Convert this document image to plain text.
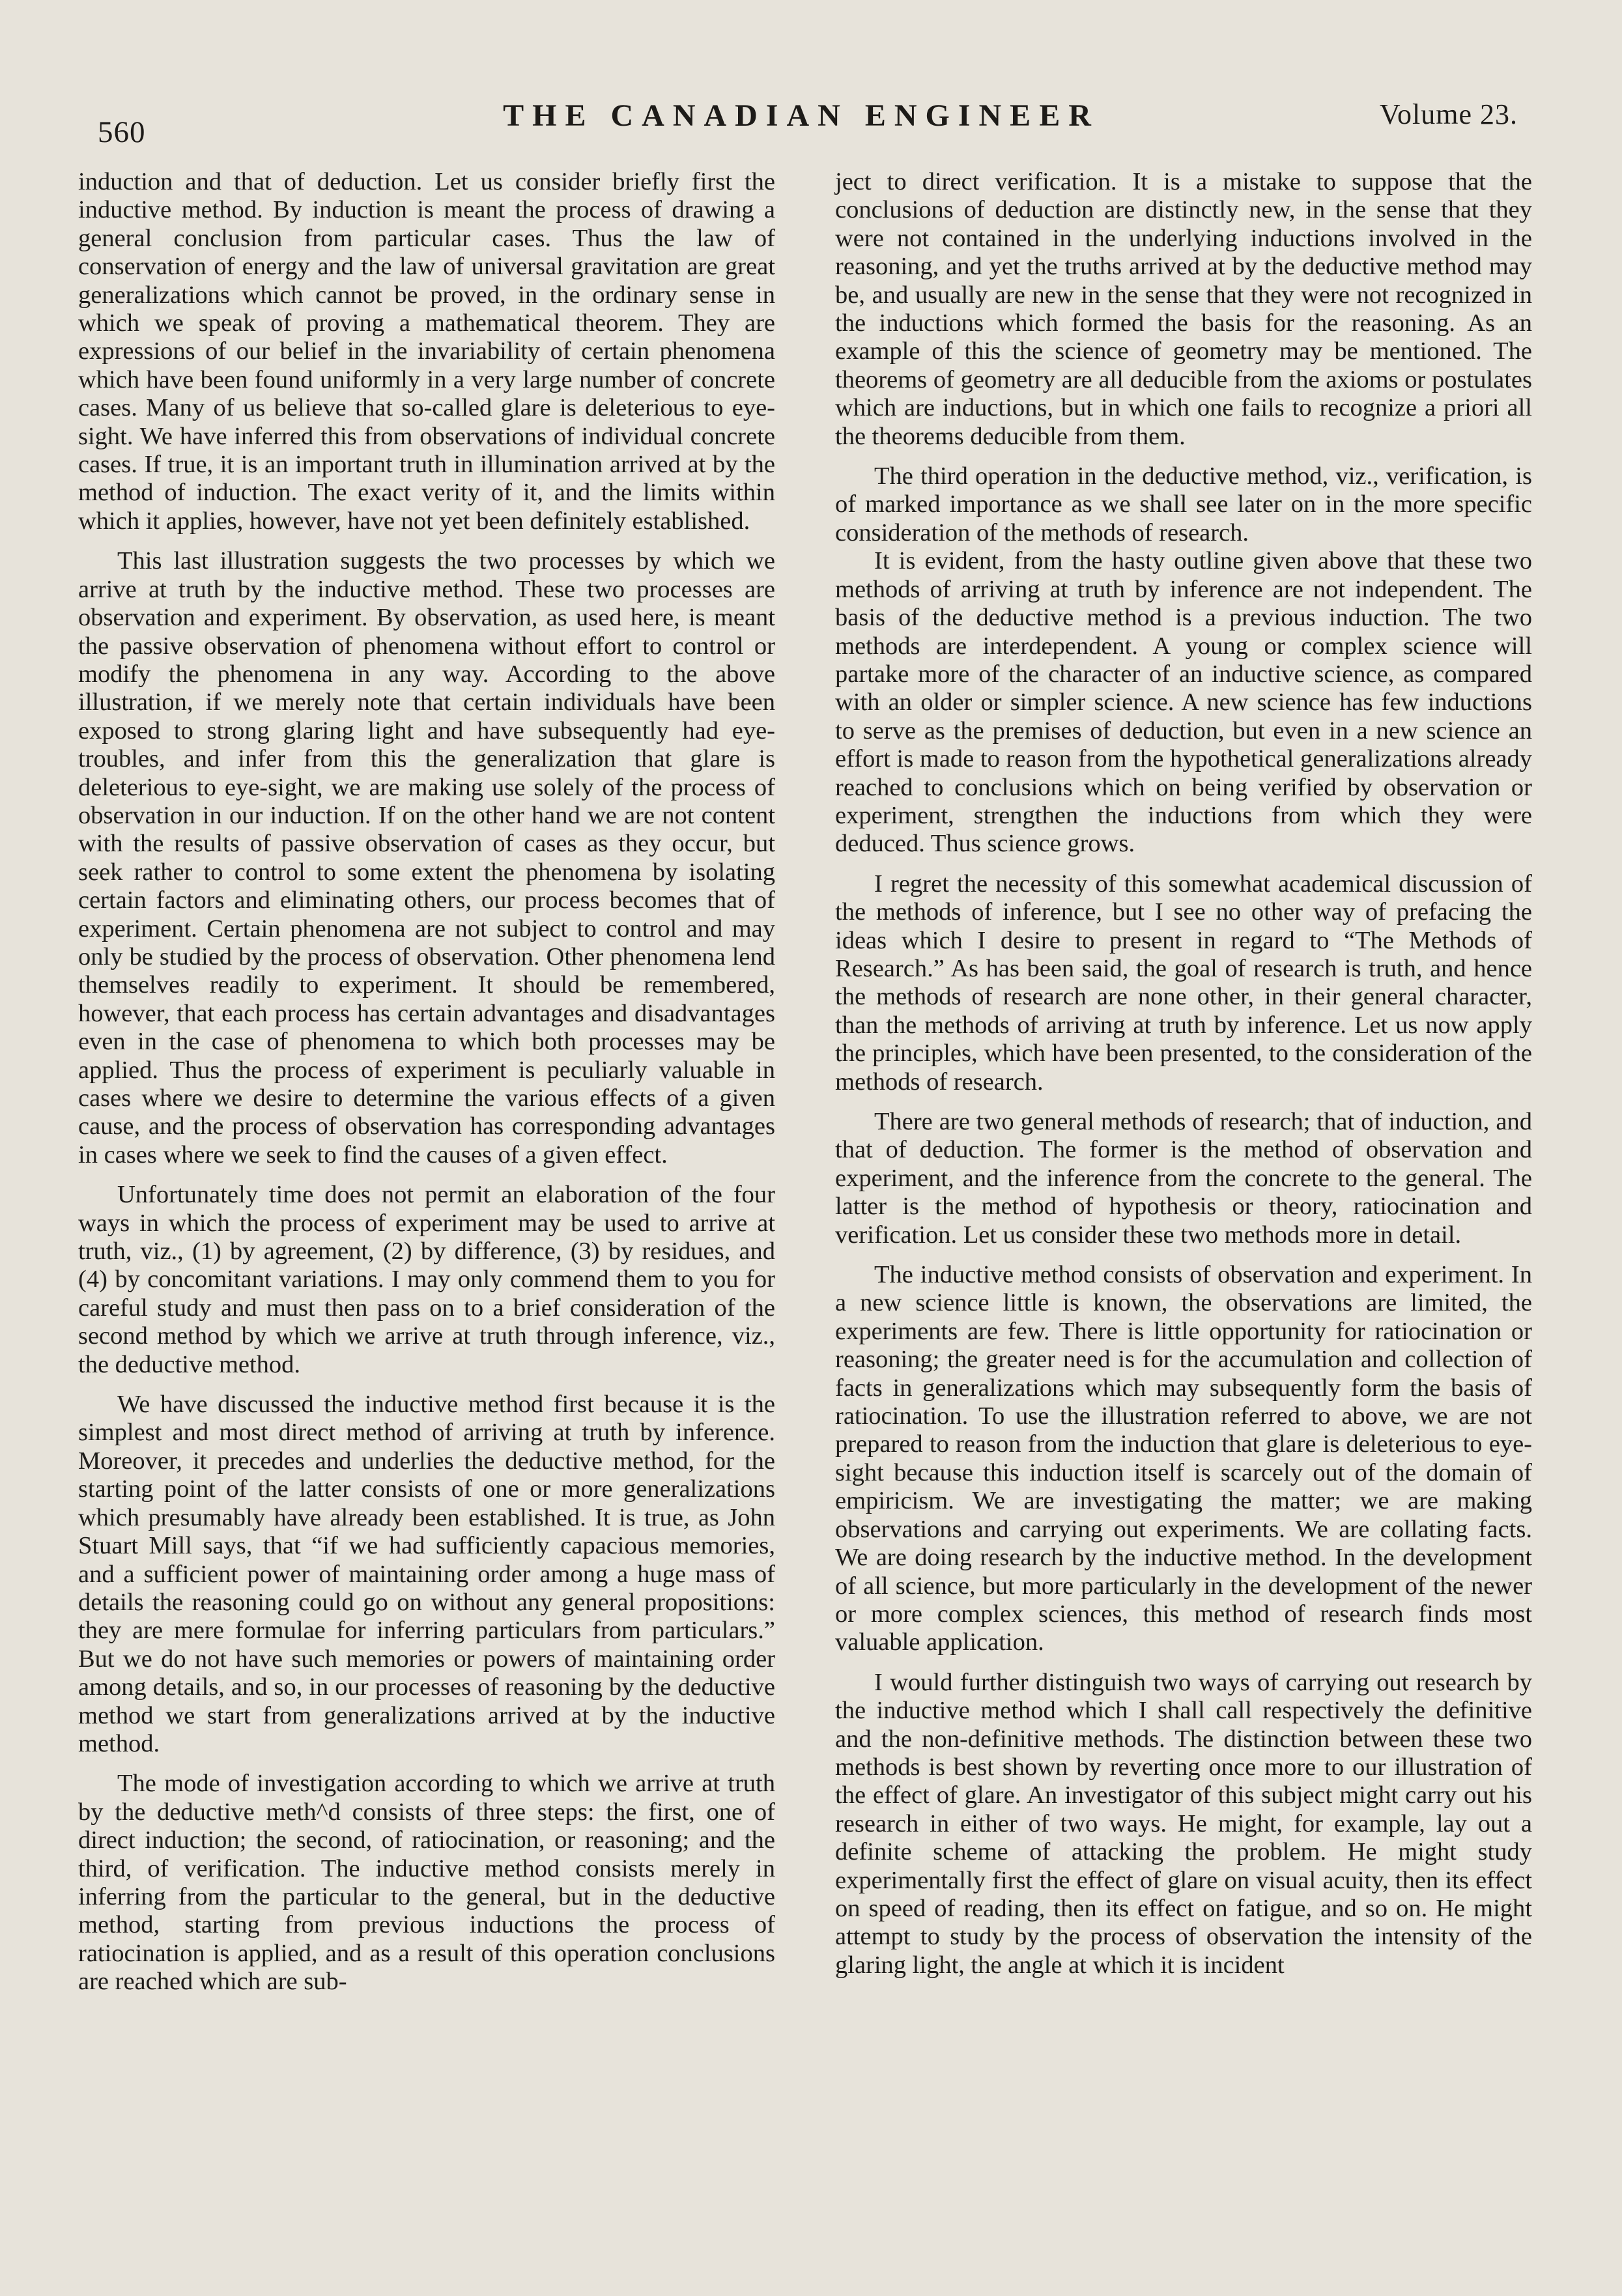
560	THE CANADIAN ENGINEER	Volume 23.

induction and that of deduction. Let us consider briefly first the inductive method. By induction is meant the process of drawing a general conclusion from particular cases. Thus the law of conservation of energy and the law of universal gravitation are great generalizations which cannot be proved, in the ordinary sense in which we speak of proving a mathematical theorem. They are expressions of our belief in the invariability of certain phenomena which have been found uniformly in a very large number of concrete cases. Many of us believe that so-called glare is deleterious to eye-sight. We have inferred this from observations of individual concrete cases. If true, it is an important truth in illumination arrived at by the method of induction. The exact verity of it, and the limits within which it applies, however, have not yet been definitely established.

This last illustration suggests the two processes by which we arrive at truth by the inductive method. These two processes are observation and experiment. By observation, as used here, is meant the passive observation of phenomena without effort to control or modify the phenomena in any way. According to the above illustration, if we merely note that certain individuals have been exposed to strong glaring light and have subsequently had eye-troubles, and infer from this the generalization that glare is deleterious to eye-sight, we are making use solely of the process of observation in our induction. If on the other hand we are not content with the results of passive observation of cases as they occur, but seek rather to control to some extent the phenomena by isolating certain factors and eliminating others, our process becomes that of experiment. Certain phenomena are not subject to control and may only be studied by the process of observation. Other phenomena lend themselves readily to experiment. It should be remembered, however, that each process has certain advantages and disadvantages even in the case of phenomena to which both processes may be applied. Thus the process of experiment is peculiarly valuable in cases where we desire to determine the various effects of a given cause, and the process of observation has corresponding advantages in cases where we seek to find the causes of a given effect.

Unfortunately time does not permit an elaboration of the four ways in which the process of experiment may be used to arrive at truth, viz., (1) by agreement, (2) by difference, (3) by residues, and (4) by concomitant variations. I may only commend them to you for careful study and must then pass on to a brief consideration of the second method by which we arrive at truth through inference, viz., the deductive method.

We have discussed the inductive method first because it is the simplest and most direct method of arriving at truth by inference. Moreover, it precedes and underlies the deductive method, for the starting point of the latter consists of one or more generalizations which presumably have already been established. It is true, as John Stuart Mill says, that “if we had sufficiently capacious memories, and a sufficient power of maintaining order among a huge mass of details the reasoning could go on without any general propositions: they are mere formulae for inferring particulars from particulars.” But we do not have such memories or powers of maintaining order among details, and so, in our processes of reasoning by the deductive method we start from generalizations arrived at by the inductive method.

The mode of investigation according to which we arrive at truth by the deductive meth^d consists of three steps: the first, one of direct induction; the second, of ratiocination, or reasoning; and the third, of verification. The inductive method consists merely in inferring from the particular to the general, but in the deductive method, starting from previous inductions the process of ratiocination is applied, and as a result of this operation conclusions are reached which are sub-

ject to direct verification. It is a mistake to suppose that the conclusions of deduction are distinctly new, in the sense that they were not contained in the underlying inductions involved in the reasoning, and yet the truths arrived at by the deductive method may be, and usually are new in the sense that they were not recognized in the inductions which formed the basis for the reasoning. As an example of this the science of geometry may be mentioned. The theorems of geometry are all deducible from the axioms or postulates which are inductions, but in which one fails to recognize a priori all the theorems deducible from them.

The third operation in the deductive method, viz., verification, is of marked importance as we shall see later on in the more specific consideration of the methods of research.

It is evident, from the hasty outline given above that these two methods of arriving at truth by inference are not independent. The basis of the deductive method is a previous induction. The two methods are interdependent. A young or complex science will partake more of the character of an inductive science, as compared with an older or simpler science. A new science has few inductions to serve as the premises of deduction, but even in a new science an effort is made to reason from the hypothetical generalizations already reached to conclusions which on being verified by observation or experiment, strengthen the inductions from which they were deduced. Thus science grows.

I regret the necessity of this somewhat academical discussion of the methods of inference, but I see no other way of prefacing the ideas which I desire to present in regard to “The Methods of Research.” As has been said, the goal of research is truth, and hence the methods of research are none other, in their general character, than the methods of arriving at truth by inference. Let us now apply the principles, which have been presented, to the consideration of the methods of research.

There are two general methods of research; that of induction, and that of deduction. The former is the method of observation and experiment, and the inference from the concrete to the general. The latter is the method of hypothesis or theory, ratiocination and verification. Let us consider these two methods more in detail.

The inductive method consists of observation and experiment. In a new science little is known, the observations are limited, the experiments are few. There is little opportunity for ratiocination or reasoning; the greater need is for the accumulation and collection of facts in generalizations which may subsequently form the basis of ratiocination. To use the illustration referred to above, we are not prepared to reason from the induction that glare is deleterious to eye-sight because this induction itself is scarcely out of the domain of empiricism. We are investigating the matter; we are making observations and carrying out experiments. We are collating facts. We are doing research by the inductive method. In the development of all science, but more particularly in the development of the newer or more complex sciences, this method of research finds most valuable application.

I would further distinguish two ways of carrying out research by the inductive method which I shall call respectively the definitive and the non-definitive methods. The distinction between these two methods is best shown by reverting once more to our illustration of the effect of glare. An investigator of this subject might carry out his research in either of two ways. He might, for example, lay out a definite scheme of attacking the problem. He might study experimentally first the effect of glare on visual acuity, then its effect on speed of reading, then its effect on fatigue, and so on. He might attempt to study by the process of observation the intensity of the glaring light, the angle at which it is incident
